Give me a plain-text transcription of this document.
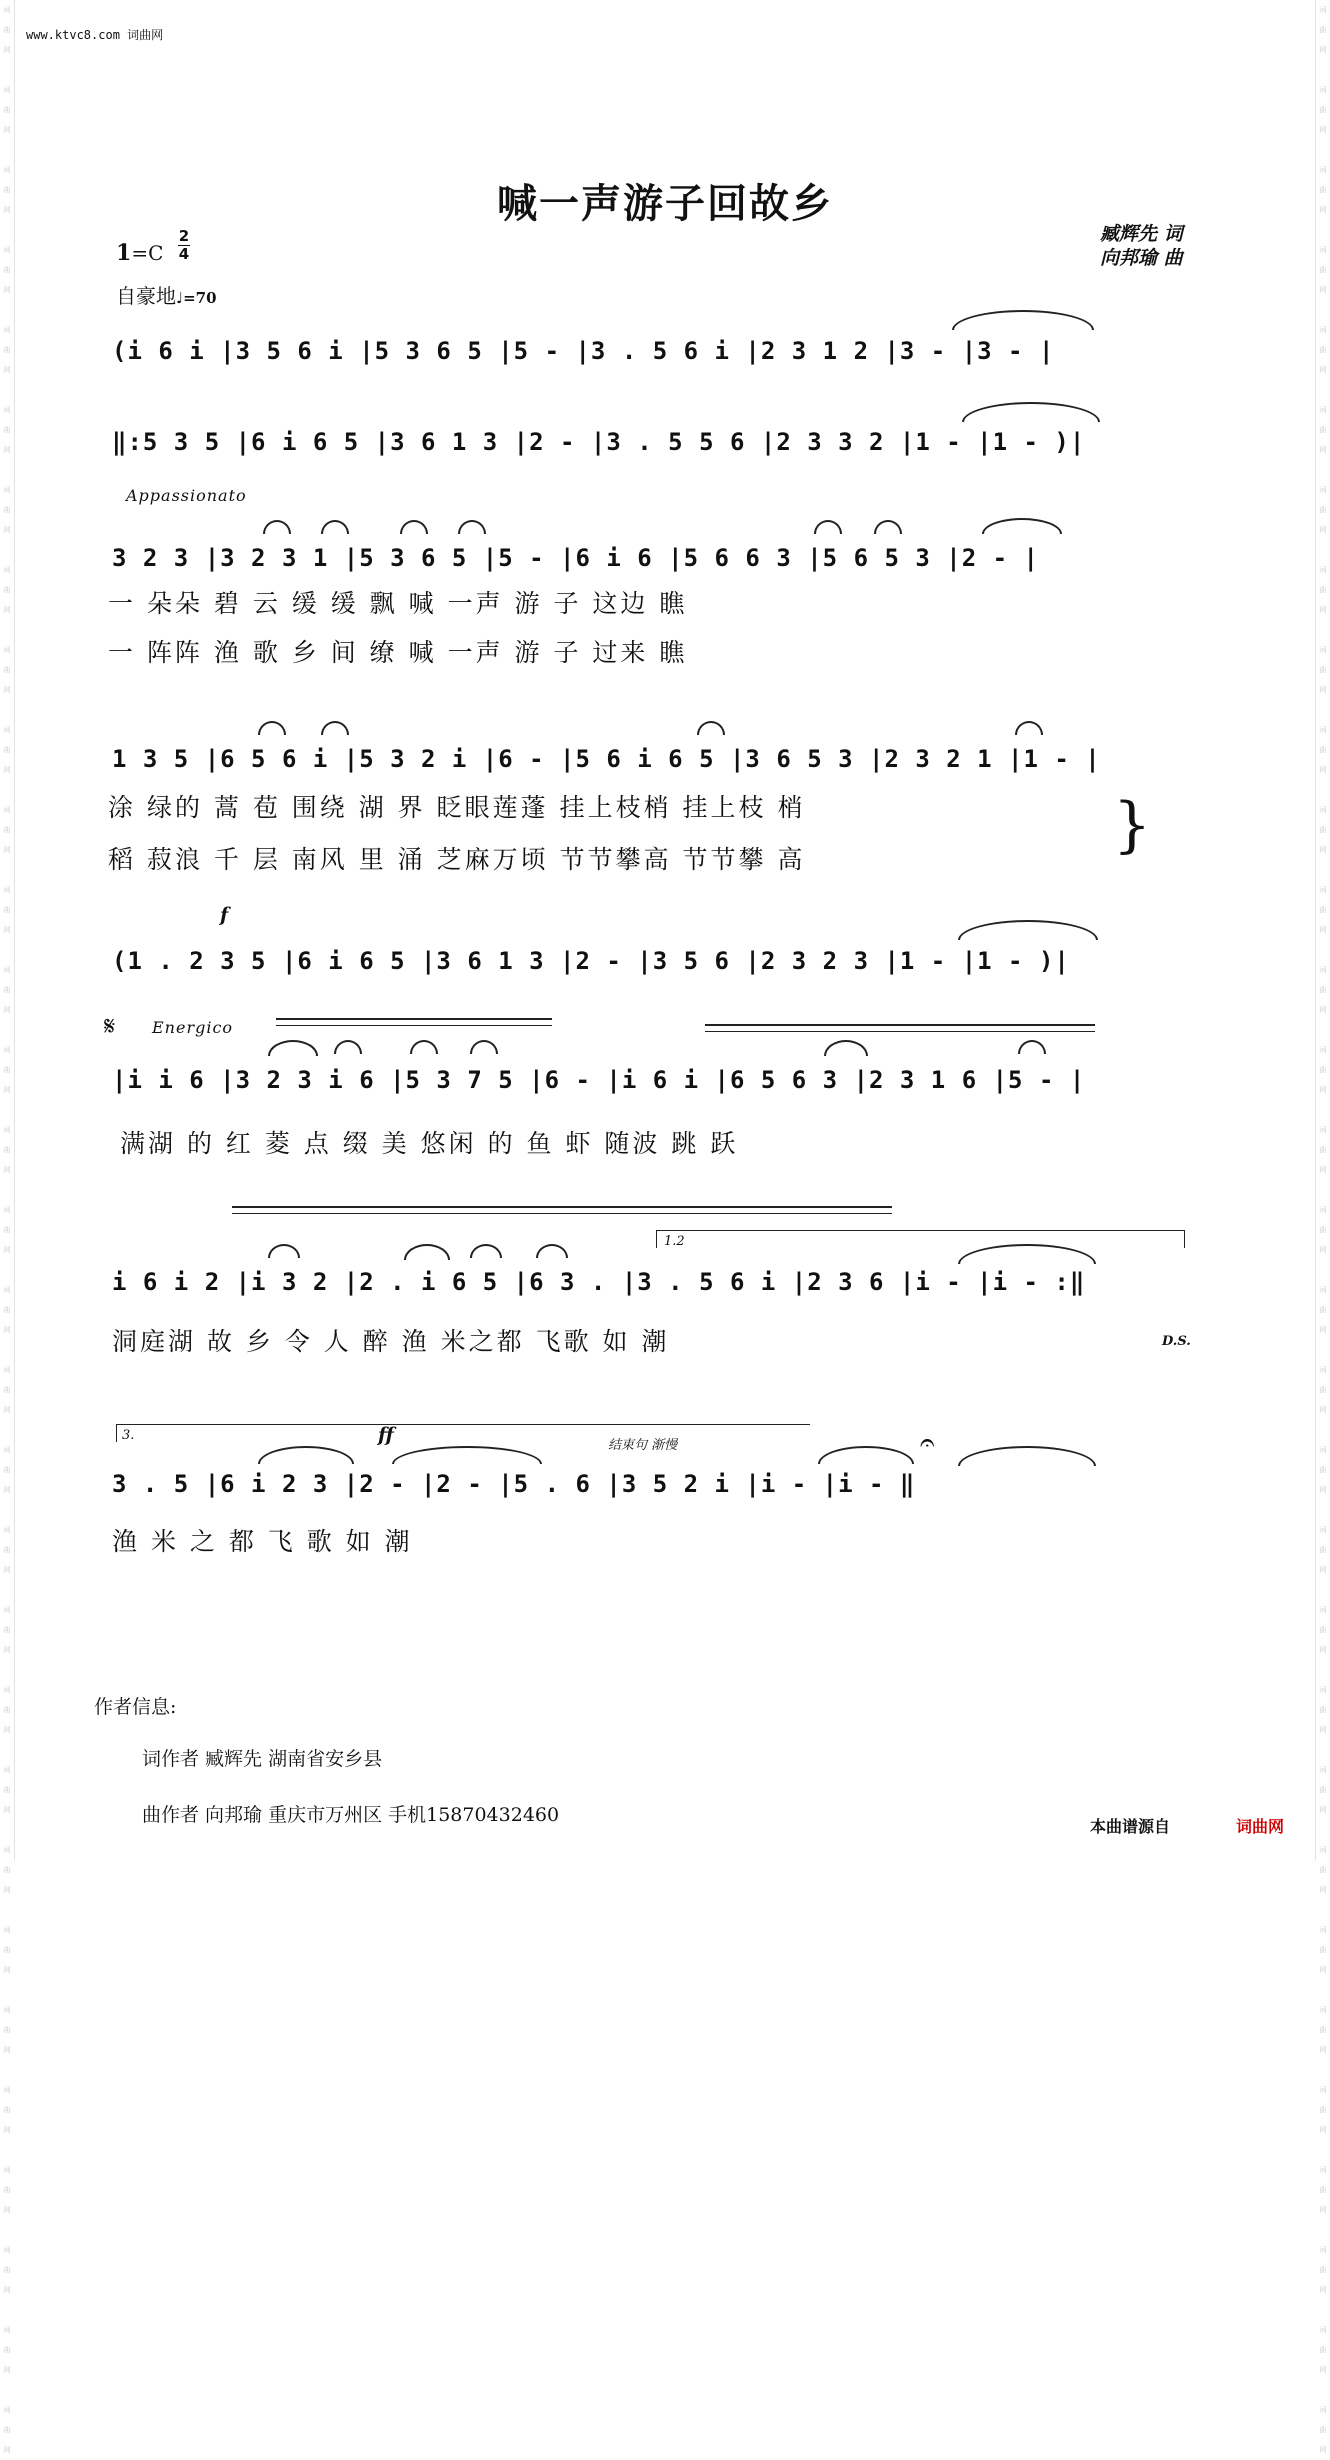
词
曲
网

词
曲
网

词
曲
网

词
曲
网

词
曲
网

词
曲
网

词
曲
网

词
曲
网

词
曲
网

词
曲
网

词
曲
网

词
曲
网

词
曲
网

词
曲
网

词
曲
网

词
曲
网

词
曲
网

词
曲
网

词
曲
网

词
曲
网

词
曲
网

词
曲
网

词
曲
网

词
曲
网

词
曲
网

词
曲
网

词
曲
网

词
曲
网

词
曲
网

词
曲
网

词
曲
网

词
曲
网

词
曲
网

词
曲
网

词
曲
网

词
曲
网

词
曲
网

词
曲
网

词
曲
网

词
曲
网

词
曲
网

词
曲
网

词
曲
网

词
曲
网

词
曲
网

词
曲
网

词
曲
网

词
曲
网

词
曲
网

词
曲
网

词
曲
网

词
曲
网

词
曲
网

词
曲
网

词
曲
网

词
曲
网

词
曲
网

词
曲
网

词
曲
网

词
曲
网

词
曲
网

词
曲
网

www.ktvc8.com 词曲网
喊一声游子回故乡
臧辉先 词
向邦瑜 曲
1=C
2
4
自豪地♩=70
(i 6 i |3 5 6 i |5 3 6 5 |5 - |3 . 5 6 i |2 3 1 2 |3 - |3 - |
‖:5 3 5 |6 i 6 5 |3 6 1 3 |2 - |3 . 5 5 6 |2 3 3 2 |1 - |1 - )|
Appassionato
3 2 3 |3 2 3 1 |5 3 6 5 |5 - |6 i 6 |5 6 6 3 |5 6 5 3 |2 - |
一 朵朵 碧 云 缓 缓 飘 喊 一声 游 子 这边 瞧
一 阵阵 渔 歌 乡 间 缭 喊 一声 游 子 过来 瞧
1 3 5 |6 5 6 i |5 3 2 i |6 - |5 6 i 6 5 |3 6 5 3 |2 3 2 1 |1 - |
涂 绿的 蒿 苞 围绕 湖 界 眨眼莲蓬 挂上枝梢 挂上枝 梢
稻 菽浪 千 层 南风 里 涌 芝麻万顷 节节攀高 节节攀 高	}
f
(1 . 2 3 5 |6 i 6 5 |3 6 1 3 |2 - |3 5 6 |2 3 2 3 |1 - |1 - )|
𝄋 Energico
|i i 6 |3 2 3 i 6 |5 3 7 5 |6 - |i 6 i |6 5 6 3 |2 3 1 6 |5 - |
满湖 的 红 菱 点 缀 美 悠闲 的 鱼 虾 随波 跳 跃
1.2
i 6 i 2 |i 3 2 |2 . i 6 5 |6 3 . |3 . 5 6 i |2 3 6 |i - |i - :‖
洞庭湖 故 乡 令 人 醉 渔 米之都 飞歌 如 潮	D.S.
3.	ff	结束句 渐慢	𝄐
3 . 5 |6 i 2 3 |2 - |2 - |5 . 6 |3 5 2 i |i - |i - ‖
渔 米 之 都 飞 歌 如 潮
作者信息:
词作者 臧辉先 湖南省安乡县
曲作者 向邦瑜 重庆市万州区 手机15870432460
本曲谱源自	词曲网
